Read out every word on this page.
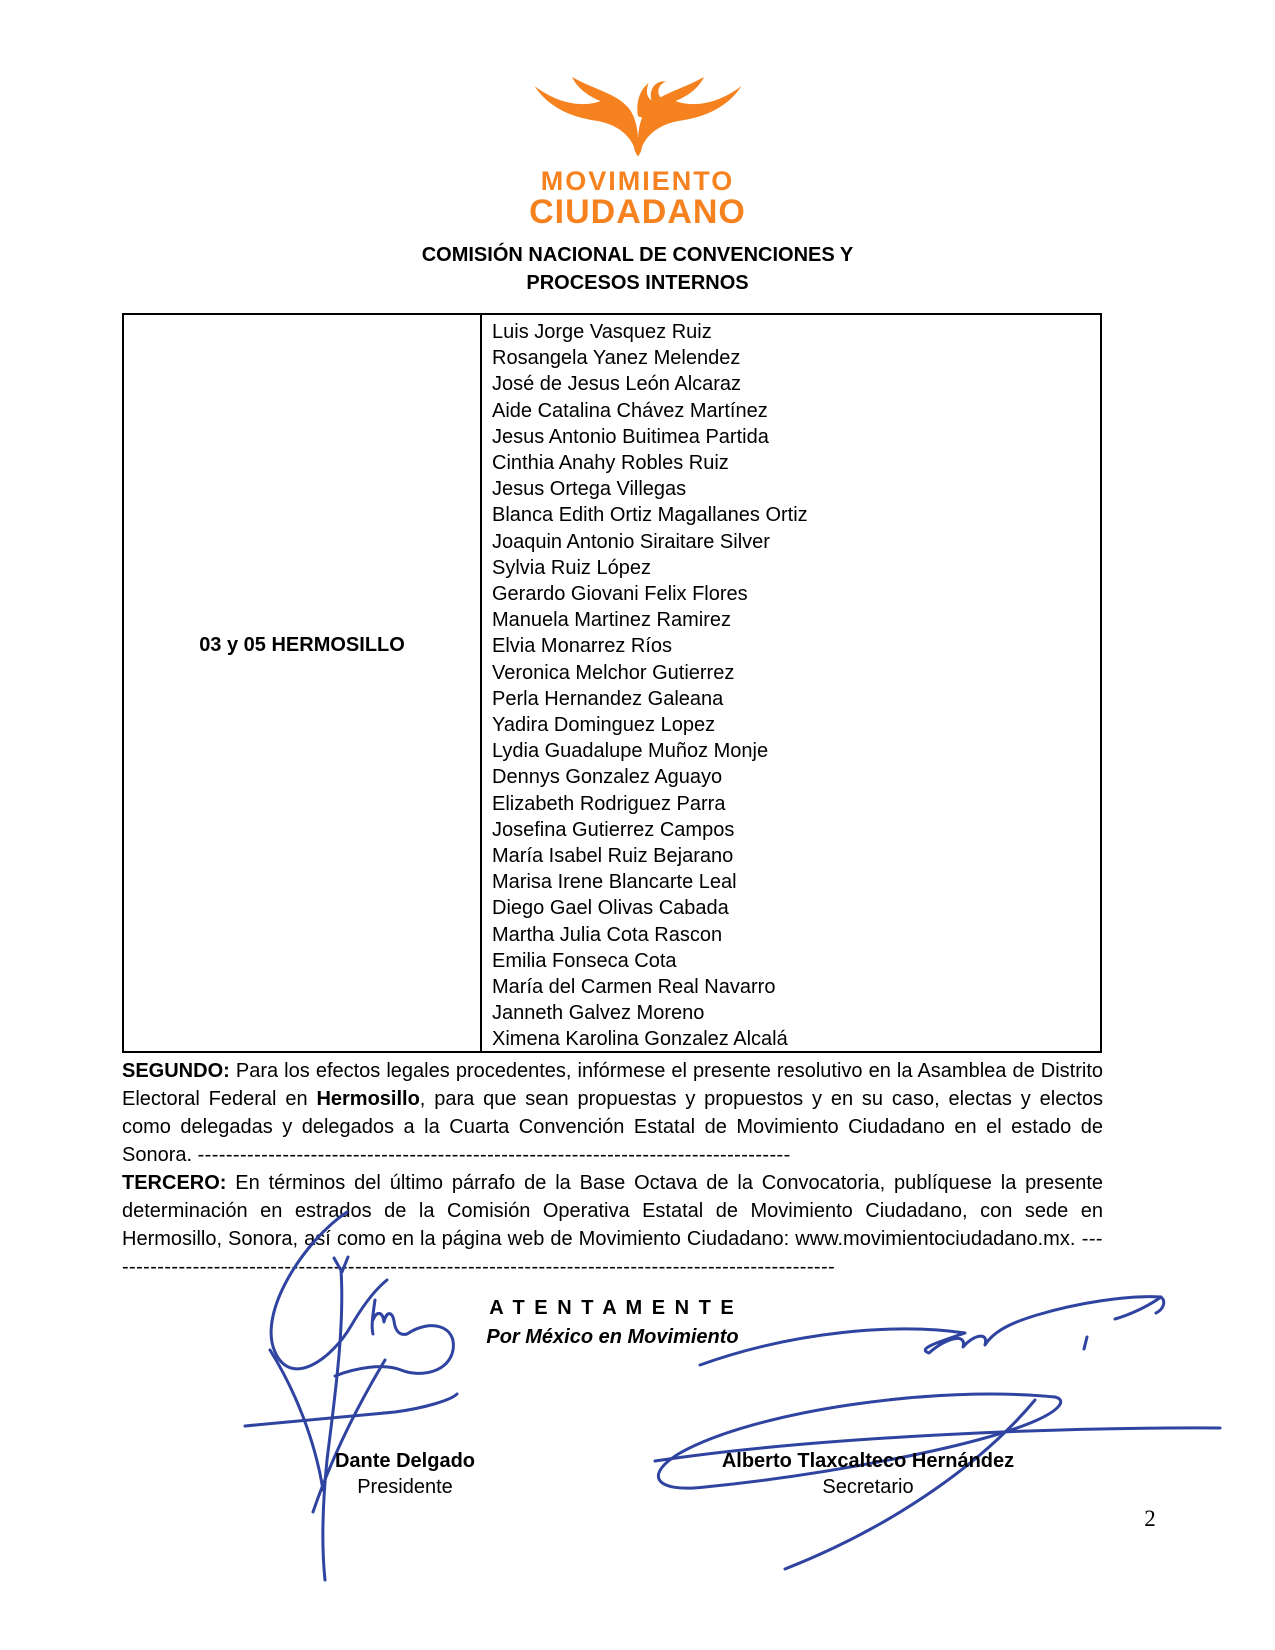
MOVIMIENTO
CIUDADANO
COMISIÓN NACIONAL DE CONVENCIONES Y
PROCESOS INTERNOS
03 y 05 HERMOSILLO
Luis Jorge Vasquez Ruiz
Rosangela Yanez Melendez
José de Jesus León Alcaraz
Aide Catalina Chávez Martínez
Jesus Antonio Buitimea Partida
Cinthia Anahy Robles Ruiz
Jesus Ortega Villegas
Blanca Edith Ortiz Magallanes Ortiz
Joaquin Antonio Siraitare Silver
Sylvia Ruiz López
Gerardo Giovani Felix Flores
Manuela Martinez Ramirez
Elvia Monarrez Ríos
Veronica Melchor Gutierrez
Perla Hernandez Galeana
Yadira Dominguez Lopez
Lydia Guadalupe Muñoz Monje
Dennys Gonzalez Aguayo
Elizabeth Rodriguez Parra
Josefina Gutierrez Campos
María Isabel Ruiz Bejarano
Marisa Irene Blancarte Leal
Diego Gael Olivas Cabada
Martha Julia Cota Rascon
Emilia Fonseca Cota
María del Carmen Real Navarro
Janneth Galvez Moreno
Ximena Karolina Gonzalez Alcalá

SEGUNDO: Para los efectos legales procedentes, infórmese el presente resolutivo en la Asamblea de Distrito Electoral Federal en Hermosillo, para que sean propuestas y propuestos y en su caso, electas y electos como delegadas y delegados a la Cuarta Convención Estatal de Movimiento Ciudadano en el estado de Sonora. ------------------------------------------------------------------------------------

TERCERO: En términos del último párrafo de la Base Octava de la Convocatoria, publíquese la presente determinación en estrados de la Comisión Operativa Estatal de Movimiento Ciudadano, con sede en Hermosillo, Sonora, así como en la página web de Movimiento Ciudadano: www.movimientociudadano.mx. --------------------------------------------------------------------------------------------------------

A T E N T A M E N T E
Por México en Movimiento
Dante Delgado
Presidente
Alberto Tlaxcalteco Hernández
Secretario
2
